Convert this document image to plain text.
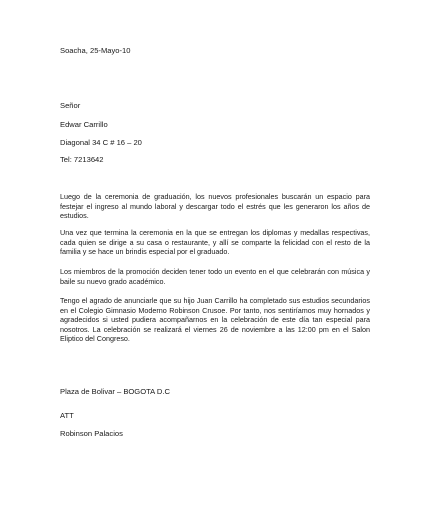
Soacha, 25-Mayo-10

Señor

Edwar Carrillo

Diagonal 34 C # 16 – 20

Tel: 7213642

Luego de la ceremonia de graduación, los nuevos profesionales buscarán un espacio para festejar el ingreso al mundo laboral y descargar todo el estrés que les generaron los años de estudios.

Una vez que termina la ceremonia en la que se entregan los diplomas y medallas respectivas, cada quien se dirige a su casa o restaurante, y allí se comparte la felicidad con el resto de la familia y se hace un brindis especial por el graduado.

Los miembros de la promoción deciden tener todo un evento en el que celebrarán con música y baile su nuevo grado académico.

Tengo el agrado de anunciarle que su hijo Juan Carrillo ha completado sus estudios secundarios en el Colegio Gimnasio Moderno Robinson Crusoe. Por tanto, nos sentiríamos muy hornados y agradecidos si usted pudiera acompañarnos en la celebración de este día tan especial para nosotros. La celebración se realizará el viernes 26 de noviembre a las 12:00 pm en el Salon Eliptico del Congreso.

Plaza de Bolivar – BOGOTA D.C

ATT

Robinson Palacios
